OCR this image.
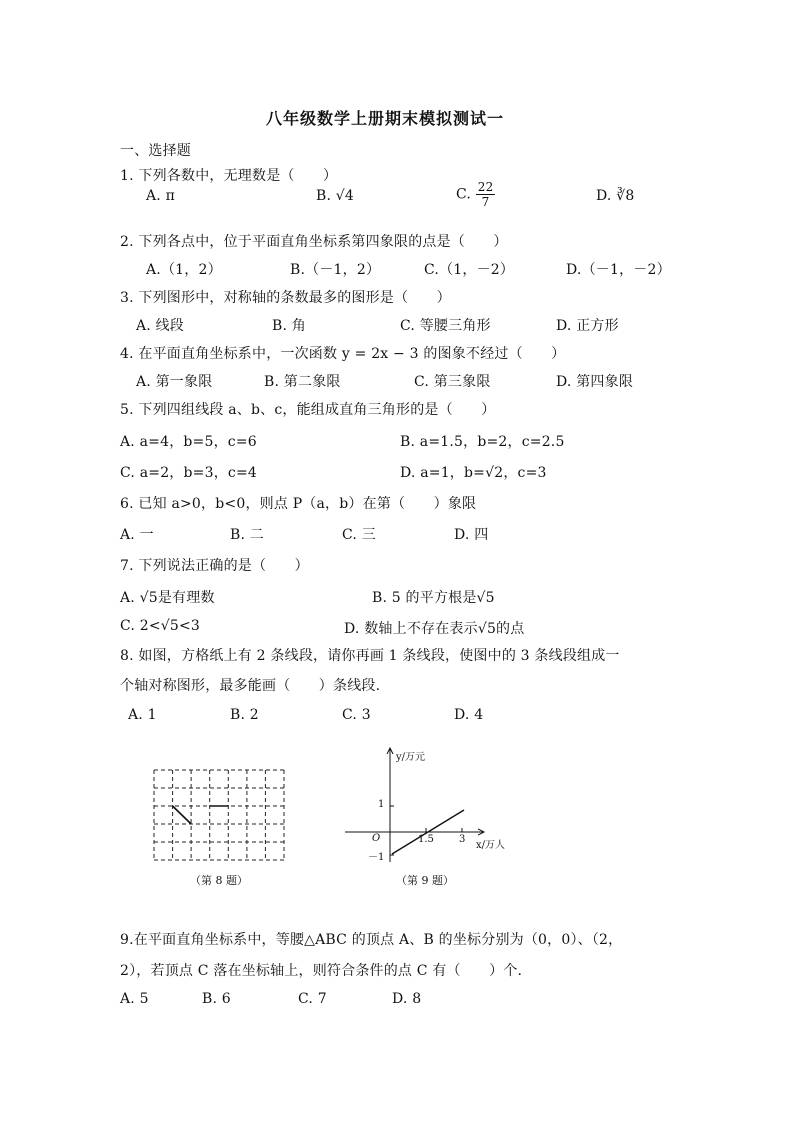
八年级数学上册期末模拟测试一
一、选择题
1. 下列各数中，无理数是（　　）
A. π	B. √4	C. $\frac{22}{7}$	D. ∛8
2. 下列各点中，位于平面直角坐标系第四象限的点是（　　）
A.（1，2）	B.（－1，2）	C.（1，－2）	D.（－1，－2）
3. 下列图形中，对称轴的条数最多的图形是（　　）
A. 线段	B. 角	C. 等腰三角形	D. 正方形
4. 在平面直角坐标系中，一次函数 y = 2x − 3 的图象不经过（　　）
A. 第一象限	B. 第二象限	C. 第三象限	D. 第四象限
5. 下列四组线段 a、b、c，能组成直角三角形的是（　　）
A. a=4，b=5，c=6	B. a=1.5，b=2，c=2.5
C. a=2，b=3，c=4	D. a=1，b=√2，c=3
6. 已知 a>0，b<0，则点 P（a，b）在第（　　）象限
A. 一	B. 二	C. 三	D. 四
7. 下列说法正确的是（　　）
A. √5是有理数	B. 5 的平方根是√5
C. 2<√5<3	D. 数轴上不存在表示√5的点
8. 如图，方格纸上有 2 条线段，请你再画 1 条线段，使图中的 3 条线段组成一
个轴对称图形，最多能画（　　）条线段.
A. 1	B. 2	C. 3	D. 4
（第 8 题）
y/万元
x/万人
O
1
－1
1.5	3
（第 9 题）
9.在平面直角坐标系中，等腰△ABC 的顶点 A、B 的坐标分别为（0，0）、（2，
2），若顶点 C 落在坐标轴上，则符合条件的点 C 有（　　）个.
A. 5	B. 6	C. 7	D. 8
